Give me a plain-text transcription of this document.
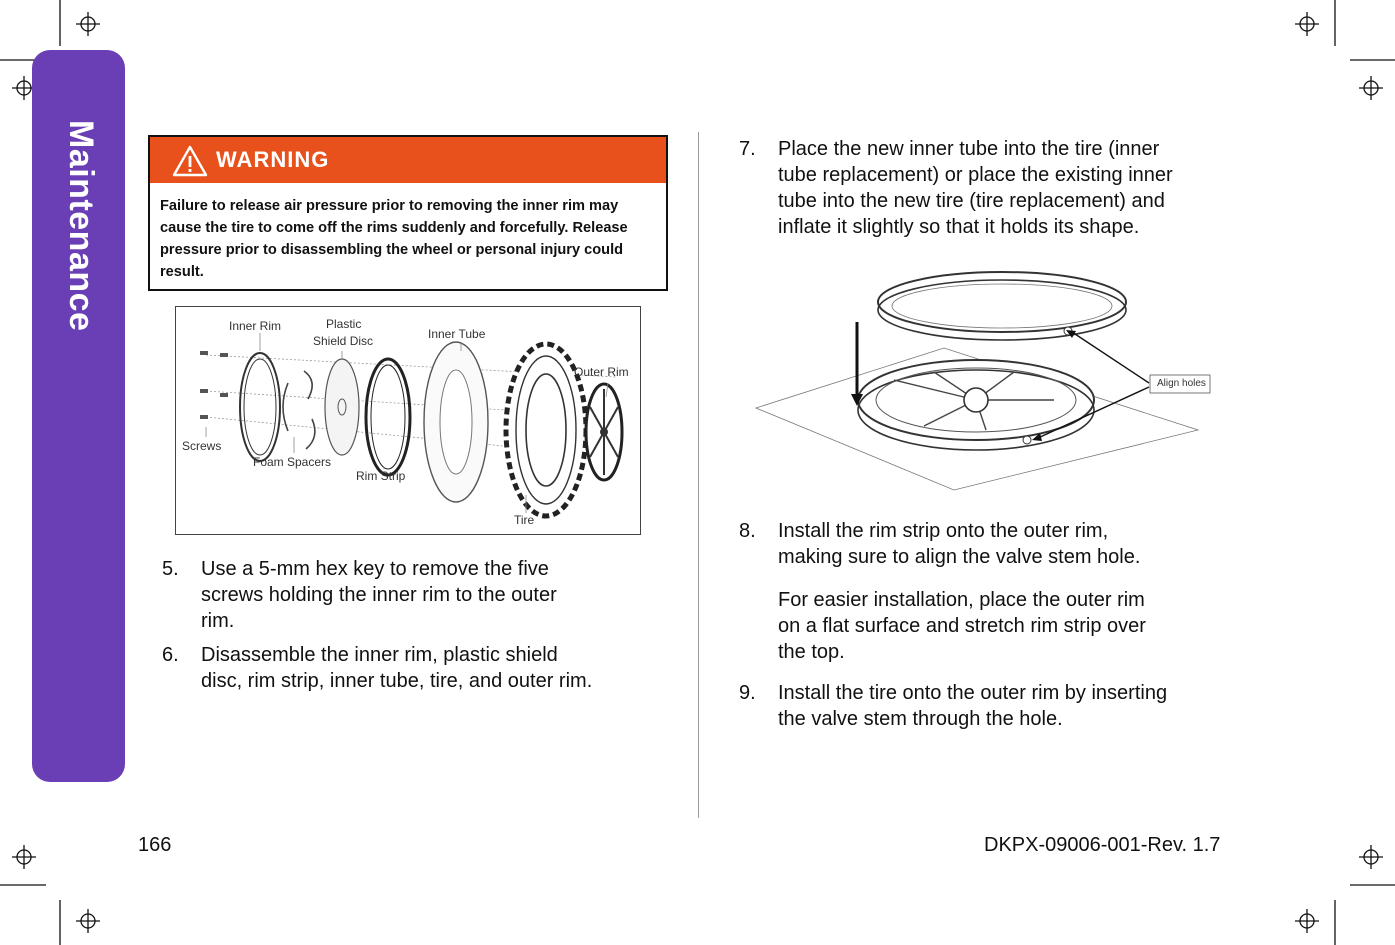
Maintenance	WARNING
Failure to release air pressure prior to removing the inner rim may cause the tire to come off the rims suddenly and forcefully. Release pressure prior to disassembling the wheel or personal injury could result.
Inner Rim	Plastic
Shield Disc	Inner Tube
Outer Rim
Screws
Foam Spacers
Rim Strip
Tire
Align holes
5. Use a 5-mm hex key to remove the five
screws holding the inner rim to the outer
rim.
6. Disassemble the inner rim, plastic shield
disc, rim strip, inner tube, tire, and outer rim.
7. Place the new inner tube into the tire (inner
tube replacement) or place the existing inner
tube into the new tire (tire replacement) and
inflate it slightly so that it holds its shape.
8. Install the rim strip onto the outer rim,
making sure to align the valve stem hole.
For easier installation, place the outer rim
on a flat surface and stretch rim strip over
the top.
9. Install the tire onto the outer rim by inserting
the valve stem through the hole.
166	DKPX-09006-001-Rev. 1.7
